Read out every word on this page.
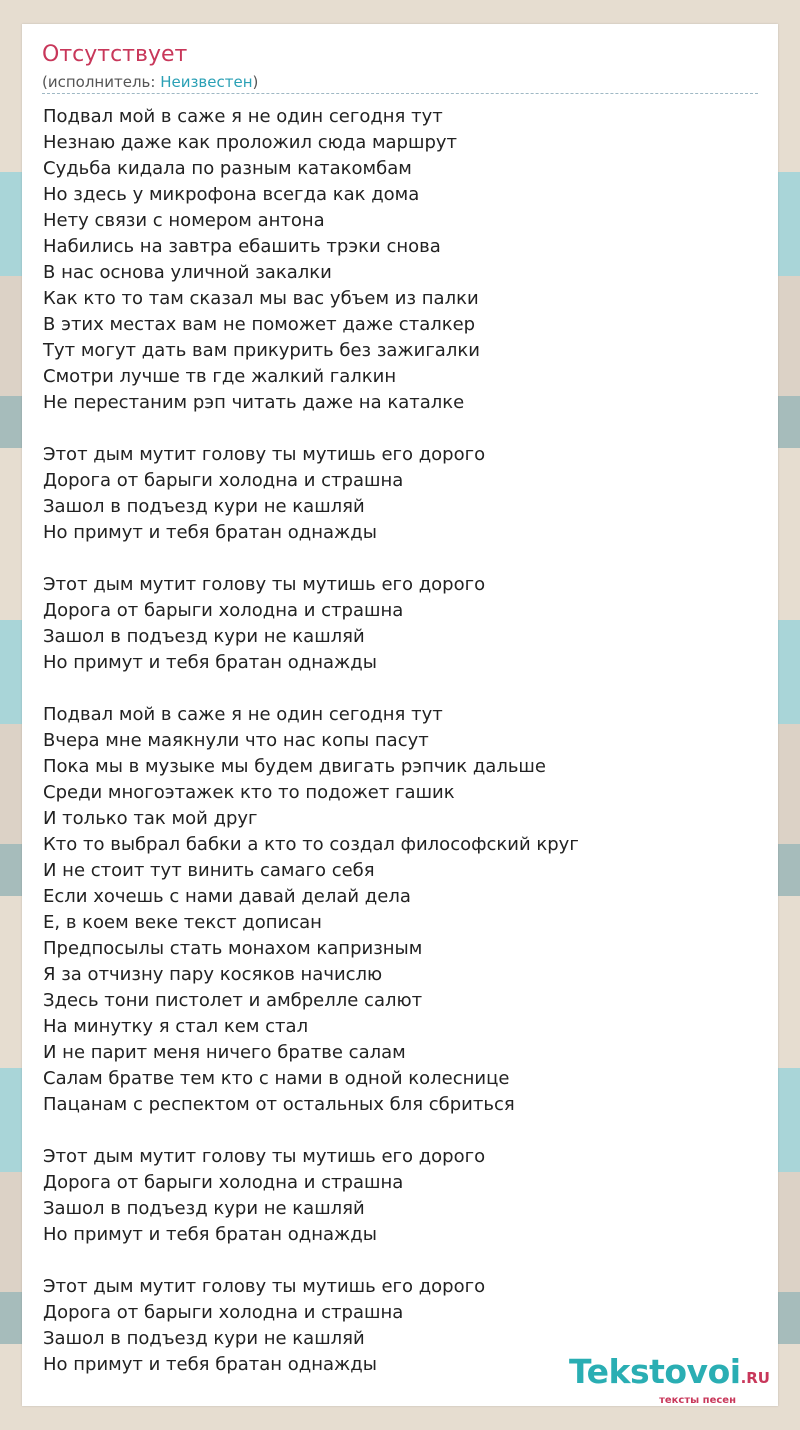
Отсутствует
(исполнитель: Неизвестен)
Подвал мой в саже я не один сегодня тут
Незнаю даже как проложил сюда маршрут
Судьба кидала по разным катакомбам
Но здесь у микрофона всегда как дома
Нету связи с номером антона
Набились на завтра ебашить трэки снова
В нас основа уличной закалки
Как кто то там сказал мы вас убъем из палки
В этих местах вам не поможет даже сталкер
Тут могут дать вам прикурить без зажигалки
Смотри лучше тв где жалкий галкин
Не перестаним рэп читать даже на каталке
Этот дым мутит голову ты мутишь его дорого
Дорога от барыги холодна и страшна
Зашол в подъезд кури не кашляй
Но примут и тебя братан однажды
Этот дым мутит голову ты мутишь его дорого
Дорога от барыги холодна и страшна
Зашол в подъезд кури не кашляй
Но примут и тебя братан однажды
Подвал мой в саже я не один сегодня тут
Вчера мне маякнули что нас копы пасут
Пока мы в музыке мы будем двигать рэпчик дальше
Среди многоэтажек кто то подожет гашик
И только так мой друг
Кто то выбрал бабки а кто то создал философский круг
И не стоит тут винить самаго себя
Если хочешь с нами давай делай дела
Е, в коем веке текст дописан
Предпосылы стать монахом капризным
Я за отчизну пару косяков начислю
Здесь тони пистолет и амбрелле салют
На минутку я стал кем стал
И не парит меня ничего братве салам
Салам братве тем кто с нами в одной колеснице
Пацанам с респектом от остальных бля сбриться
Этот дым мутит голову ты мутишь его дорого
Дорога от барыги холодна и страшна
Зашол в подъезд кури не кашляй
Но примут и тебя братан однажды
Этот дым мутит голову ты мутишь его дорого
Дорога от барыги холодна и страшна
Зашол в подъезд кури не кашляй
Но примут и тебя братан однажды	Tekstovoi.RU
тексты песен
